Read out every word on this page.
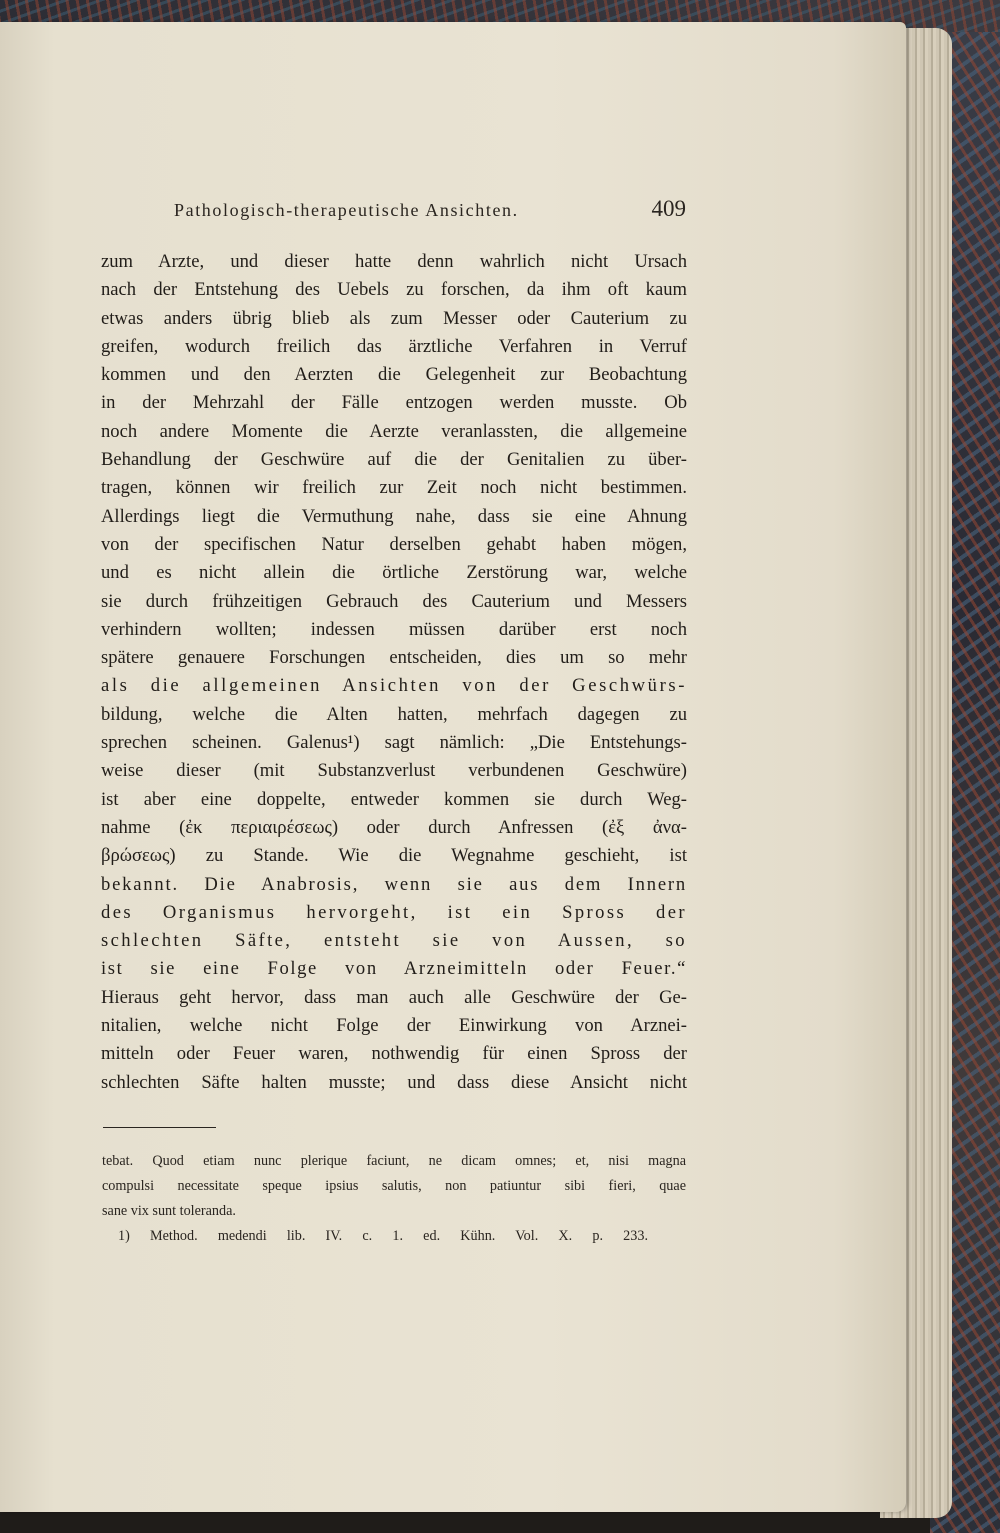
Pathologisch-therapeutische Ansichten.	409
zum Arzte, und dieser hatte denn wahrlich nicht Ursach
nach der Entstehung des Uebels zu forschen, da ihm oft kaum
etwas anders übrig blieb als zum Messer oder Cauterium zu
greifen, wodurch freilich das ärztliche Verfahren in Verruf
kommen und den Aerzten die Gelegenheit zur Beobachtung
in der Mehrzahl der Fälle entzogen werden musste. Ob
noch andere Momente die Aerzte veranlassten, die allgemeine
Behandlung der Geschwüre auf die der Genitalien zu über-
tragen, können wir freilich zur Zeit noch nicht bestimmen.
Allerdings liegt die Vermuthung nahe, dass sie eine Ahnung
von der specifischen Natur derselben gehabt haben mögen,
und es nicht allein die örtliche Zerstörung war, welche
sie durch frühzeitigen Gebrauch des Cauterium und Messers
verhindern wollten; indessen müssen darüber erst noch
spätere genauere Forschungen entscheiden, dies um so mehr
als die allgemeinen Ansichten von der Geschwürs-
bildung, welche die Alten hatten, mehrfach dagegen zu
sprechen scheinen. Galenus¹) sagt nämlich: „Die Entstehungs-
weise dieser (mit Substanzverlust verbundenen Geschwüre)
ist aber eine doppelte, entweder kommen sie durch Weg-
nahme (ἐκ περιαιρέσεως) oder durch Anfressen (ἐξ ἀνα-
βρώσεως) zu Stande. Wie die Wegnahme geschieht, ist
bekannt. Die Anabrosis, wenn sie aus dem Innern
des Organismus hervorgeht, ist ein Spross der
schlechten Säfte, entsteht sie von Aussen, so
ist sie eine Folge von Arzneimitteln oder Feuer.“
Hieraus geht hervor, dass man auch alle Geschwüre der Ge-
nitalien, welche nicht Folge der Einwirkung von Arznei-
mitteln oder Feuer waren, nothwendig für einen Spross der
schlechten Säfte halten musste; und dass diese Ansicht nicht
tebat. Quod etiam nunc plerique faciunt, ne dicam omnes; et, nisi magna
compulsi necessitate speque ipsius salutis, non patiuntur sibi fieri, quae
sane vix sunt toleranda.
1) Method. medendi lib. IV. c. 1. ed. Kühn. Vol. X. p. 233.
